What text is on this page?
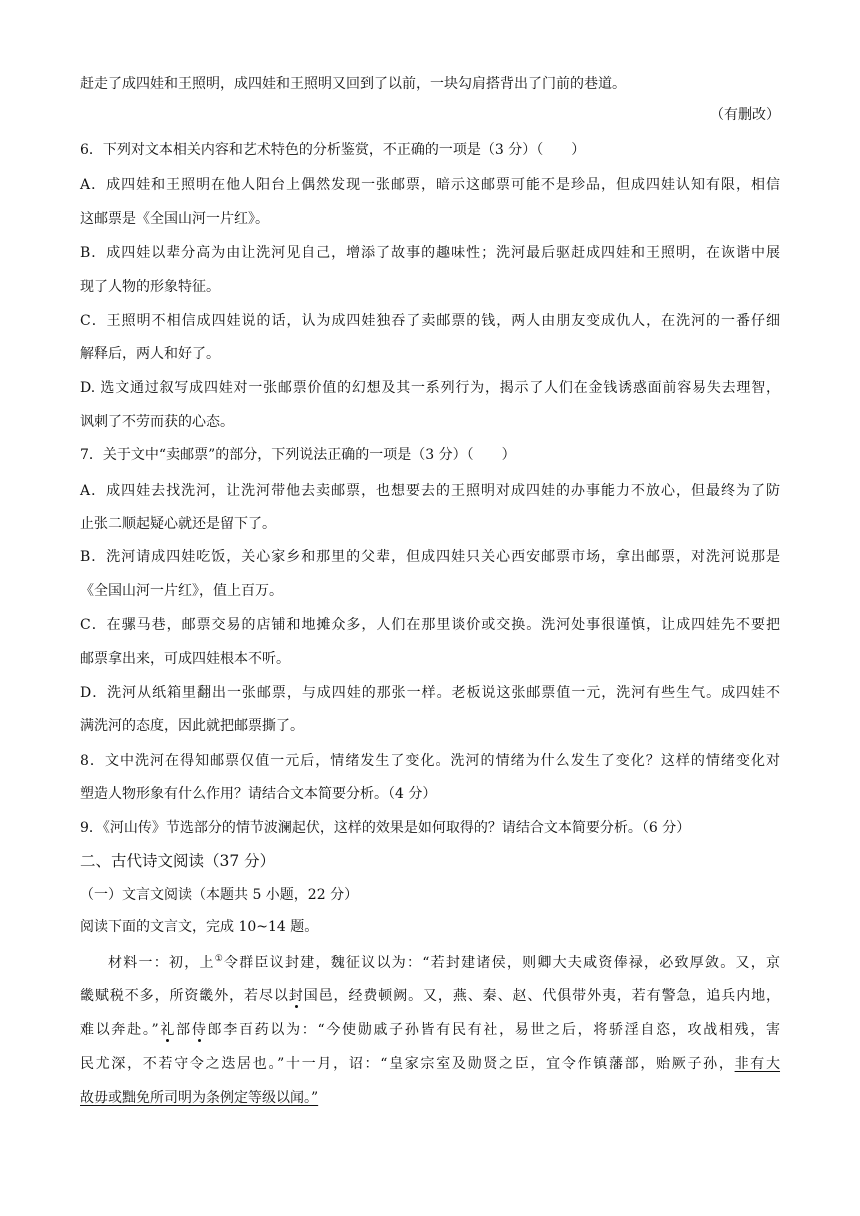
赶走了成四娃和王照明，成四娃和王照明又回到了以前，一块勾肩搭背出了门前的巷道。
（有删改）
6．下列对文本相关内容和艺术特色的分析鉴赏，不正确的一项是（3 分）（　　）
A．成四娃和王照明在他人阳台上偶然发现一张邮票，暗示这邮票可能不是珍品，但成四娃认知有限，相信
这邮票是《全国山河一片红》。
B．成四娃以辈分高为由让洗河见自己，增添了故事的趣味性；洗河最后驱赶成四娃和王照明，在诙谐中展
现了人物的形象特征。
C．王照明不相信成四娃说的话，认为成四娃独吞了卖邮票的钱，两人由朋友变成仇人，在洗河的一番仔细
解释后，两人和好了。
D. 选文通过叙写成四娃对一张邮票价值的幻想及其一系列行为，揭示了人们在金钱诱惑面前容易失去理智，
讽刺了不劳而获的心态。
7．关于文中“卖邮票”的部分，下列说法正确的一项是（3 分）（　　）
A．成四娃去找洗河，让洗河带他去卖邮票，也想要去的王照明对成四娃的办事能力不放心，但最终为了防
止张二顺起疑心就还是留下了。
B．洗河请成四娃吃饭，关心家乡和那里的父辈，但成四娃只关心西安邮票市场，拿出邮票，对洗河说那是
《全国山河一片红》，值上百万。
C．在骡马巷，邮票交易的店铺和地摊众多，人们在那里谈价或交换。洗河处事很谨慎，让成四娃先不要把
邮票拿出来，可成四娃根本不听。
D．洗河从纸箱里翻出一张邮票，与成四娃的那张一样。老板说这张邮票值一元，洗河有些生气。成四娃不
满洗河的态度，因此就把邮票撕了。
8．文中洗河在得知邮票仅值一元后，情绪发生了变化。洗河的情绪为什么发生了变化？这样的情绪变化对
塑造人物形象有什么作用？请结合文本简要分析。（4 分）
9．《河山传》节选部分的情节波澜起伏，这样的效果是如何取得的？请结合文本简要分析。（6 分）
二、古代诗文阅读（37 分）
（一）文言文阅读（本题共 5 小题，22 分）
阅读下面的文言文，完成 10~14 题。
材料一：初，上①令群臣议封建，魏征议以为：“若封建诸侯，则卿大夫咸资俸禄，必致厚敛。又，京
畿赋税不多，所资畿外，若尽以封国邑，经费顿阙。又，燕、秦、赵、代俱带外夷，若有警急，追兵内地，
难以奔赴。”礼部侍郎李百药以为：“今使勋戚子孙皆有民有社，易世之后，将骄淫自恣，攻战相残，害
民尤深，不若守令之迭居也。”十一月，诏：“皇家宗室及勋贤之臣，宜令作镇藩部，贻厥子孙，非有大
故毋或黜免所司明为条例定等级以闻。”
